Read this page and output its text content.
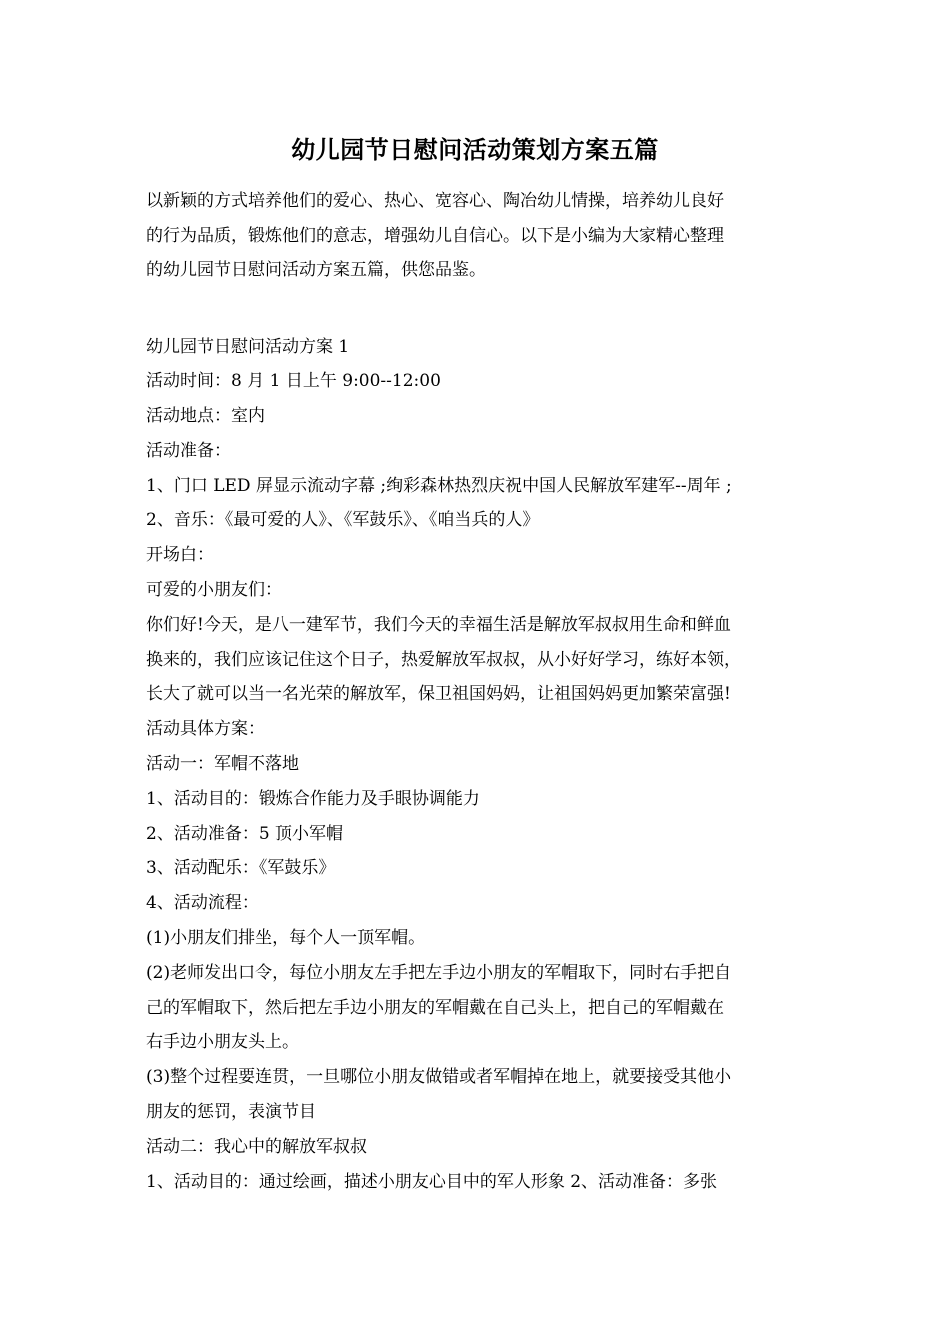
幼儿园节日慰问活动策划方案五篇

以新颖的方式培养他们的爱心、热心、宽容心、陶冶幼儿情操，培养幼儿良好

的行为品质，锻炼他们的意志，增强幼儿自信心。以下是小编为大家精心整理

的幼儿园节日慰问活动方案五篇，供您品鉴。

幼儿园节日慰问活动方案 1

活动时间：8 月 1 日上午 9:00--12:00

活动地点：室内

活动准备：

1、门口 LED 屏显示流动字幕 ;绚彩森林热烈庆祝中国人民解放军建军--周年 ;

2、音乐：《最可爱的人》、《军鼓乐》、《咱当兵的人》

开场白：

可爱的小朋友们：

你们好!今天，是八一建军节，我们今天的幸福生活是解放军叔叔用生命和鲜血

换来的，我们应该记住这个日子，热爱解放军叔叔，从小好好学习，练好本领，

长大了就可以当一名光荣的解放军，保卫祖国妈妈，让祖国妈妈更加繁荣富强!

活动具体方案：

活动一：军帽不落地

1、活动目的：锻炼合作能力及手眼协调能力

2、活动准备：5 顶小军帽

3、活动配乐：《军鼓乐》

4、活动流程：

(1)小朋友们排坐，每个人一顶军帽。

(2)老师发出口令，每位小朋友左手把左手边小朋友的军帽取下，同时右手把自

己的军帽取下，然后把左手边小朋友的军帽戴在自己头上，把自己的军帽戴在

右手边小朋友头上。

(3)整个过程要连贯，一旦哪位小朋友做错或者军帽掉在地上，就要接受其他小

朋友的惩罚，表演节目

活动二：我心中的解放军叔叔

1、活动目的：通过绘画，描述小朋友心目中的军人形象 2、活动准备：多张
